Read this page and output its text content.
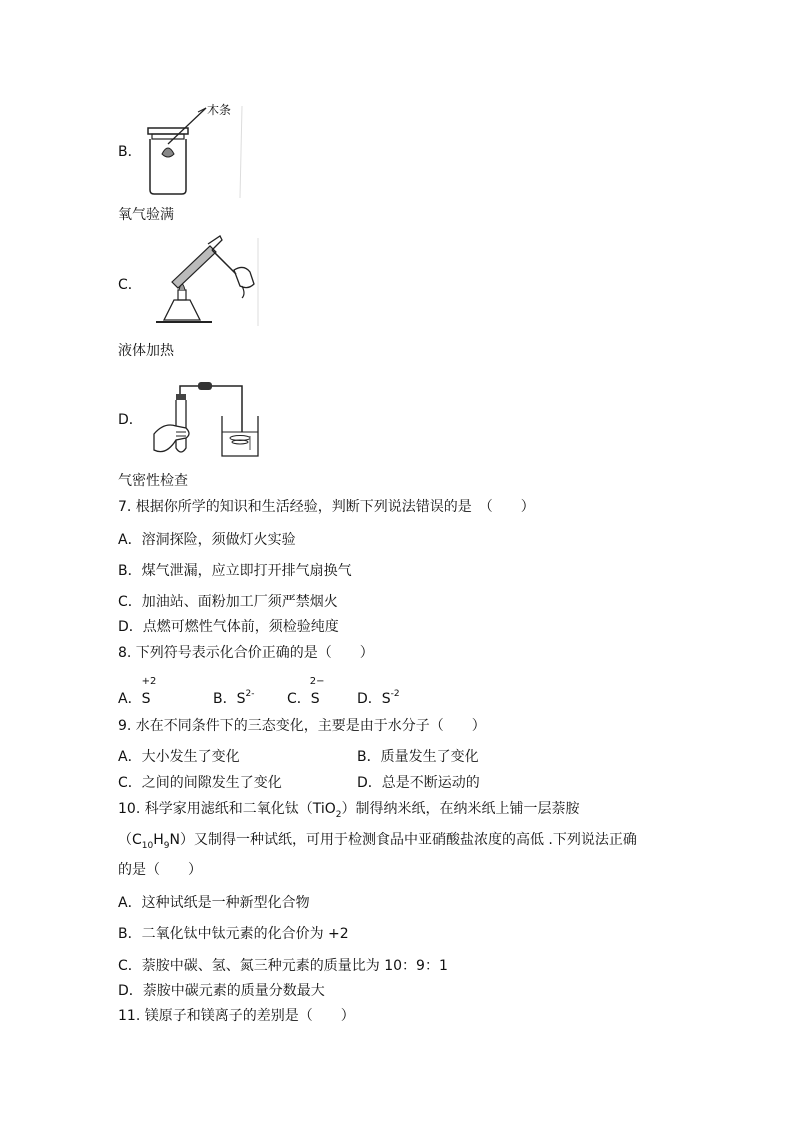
B．
木条
氧气验满
C．
液体加热
D．
气密性检查
7. 根据你所学的知识和生活经验，判断下列说法错误的是　（　　）
A．溶洞探险，须做灯火实验
B．煤气泄漏，应立即打开排气扇换气
C．加油站、面粉加工厂须严禁烟火
D．点燃可燃性气体前，须检验纯度
8. 下列符号表示化合价正确的是（　　）
A．
+2
S	B．$S^{2-}$ C．
2−
S	D．$S^{-2}$
9. 水在不同条件下的三态变化，主要是由于水分子（　　）
A．大小发生了变化	B．质量发生了变化
C．之间的间隙发生了变化	D．总是不断运动的
10. 科学家用滤纸和二氧化钛（TiO$_2$）制得纳米纸，在纳米纸上铺一层萘胺
$(C_{10}H_9N)$又制得一种试纸，可用于检测食品中亚硝酸盐浓度的高低 .下列说法正确
的是（　　）
A．这种试纸是一种新型化合物
B．二氧化钛中钛元素的化合价为 +2
C．萘胺中碳、氢、氮三种元素的质量比为 10：9：1
D．萘胺中碳元素的质量分数最大
11. 镁原子和镁离子的差别是（　　）
